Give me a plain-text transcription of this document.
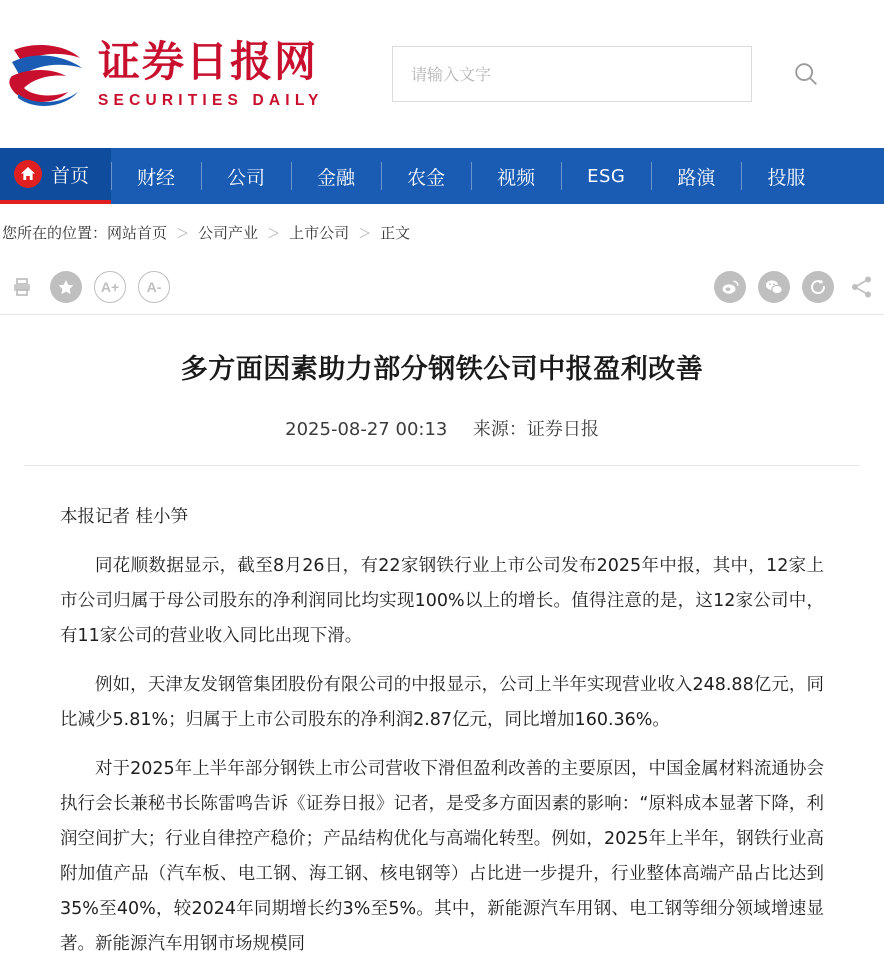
证券日报网
SECURITIES DAILY
请输入文字
首页	财经	公司	金融	农金	视频	ESG	路演	投服
您所在的位置： 网站首页 ＞ 公司产业 ＞ 上市公司 ＞ 正文
A+	A-
多方面因素助力部分钢铁公司中报盈利改善
2025-08-27 00:13 来源：证券日报

本报记者 桂小笋

同花顺数据显示，截至8月26日，有22家钢铁行业上市公司发布2025年中报，其中，12家上市公司归属于母公司股东的净利润同比均实现100%以上的增长。值得注意的是，这12家公司中，有11家公司的营业收入同比出现下滑。

例如，天津友发钢管集团股份有限公司的中报显示，公司上半年实现营业收入248.88亿元，同比减少5.81%；归属于上市公司股东的净利润2.87亿元，同比增加160.36%。

对于2025年上半年部分钢铁上市公司营收下滑但盈利改善的主要原因，中国金属材料流通协会执行会长兼秘书长陈雷鸣告诉《证券日报》记者，是受多方面因素的影响：“原料成本显著下降，利润空间扩大；行业自律控产稳价；产品结构优化与高端化转型。例如，2025年上半年，钢铁行业高附加值产品（汽车板、电工钢、海工钢、核电钢等）占比进一步提升，行业整体高端产品占比达到35%至40%，较2024年同期增长约3%至5%。其中，新能源汽车用钢、电工钢等细分领域增速显著。新能源汽车用钢市场规模同
